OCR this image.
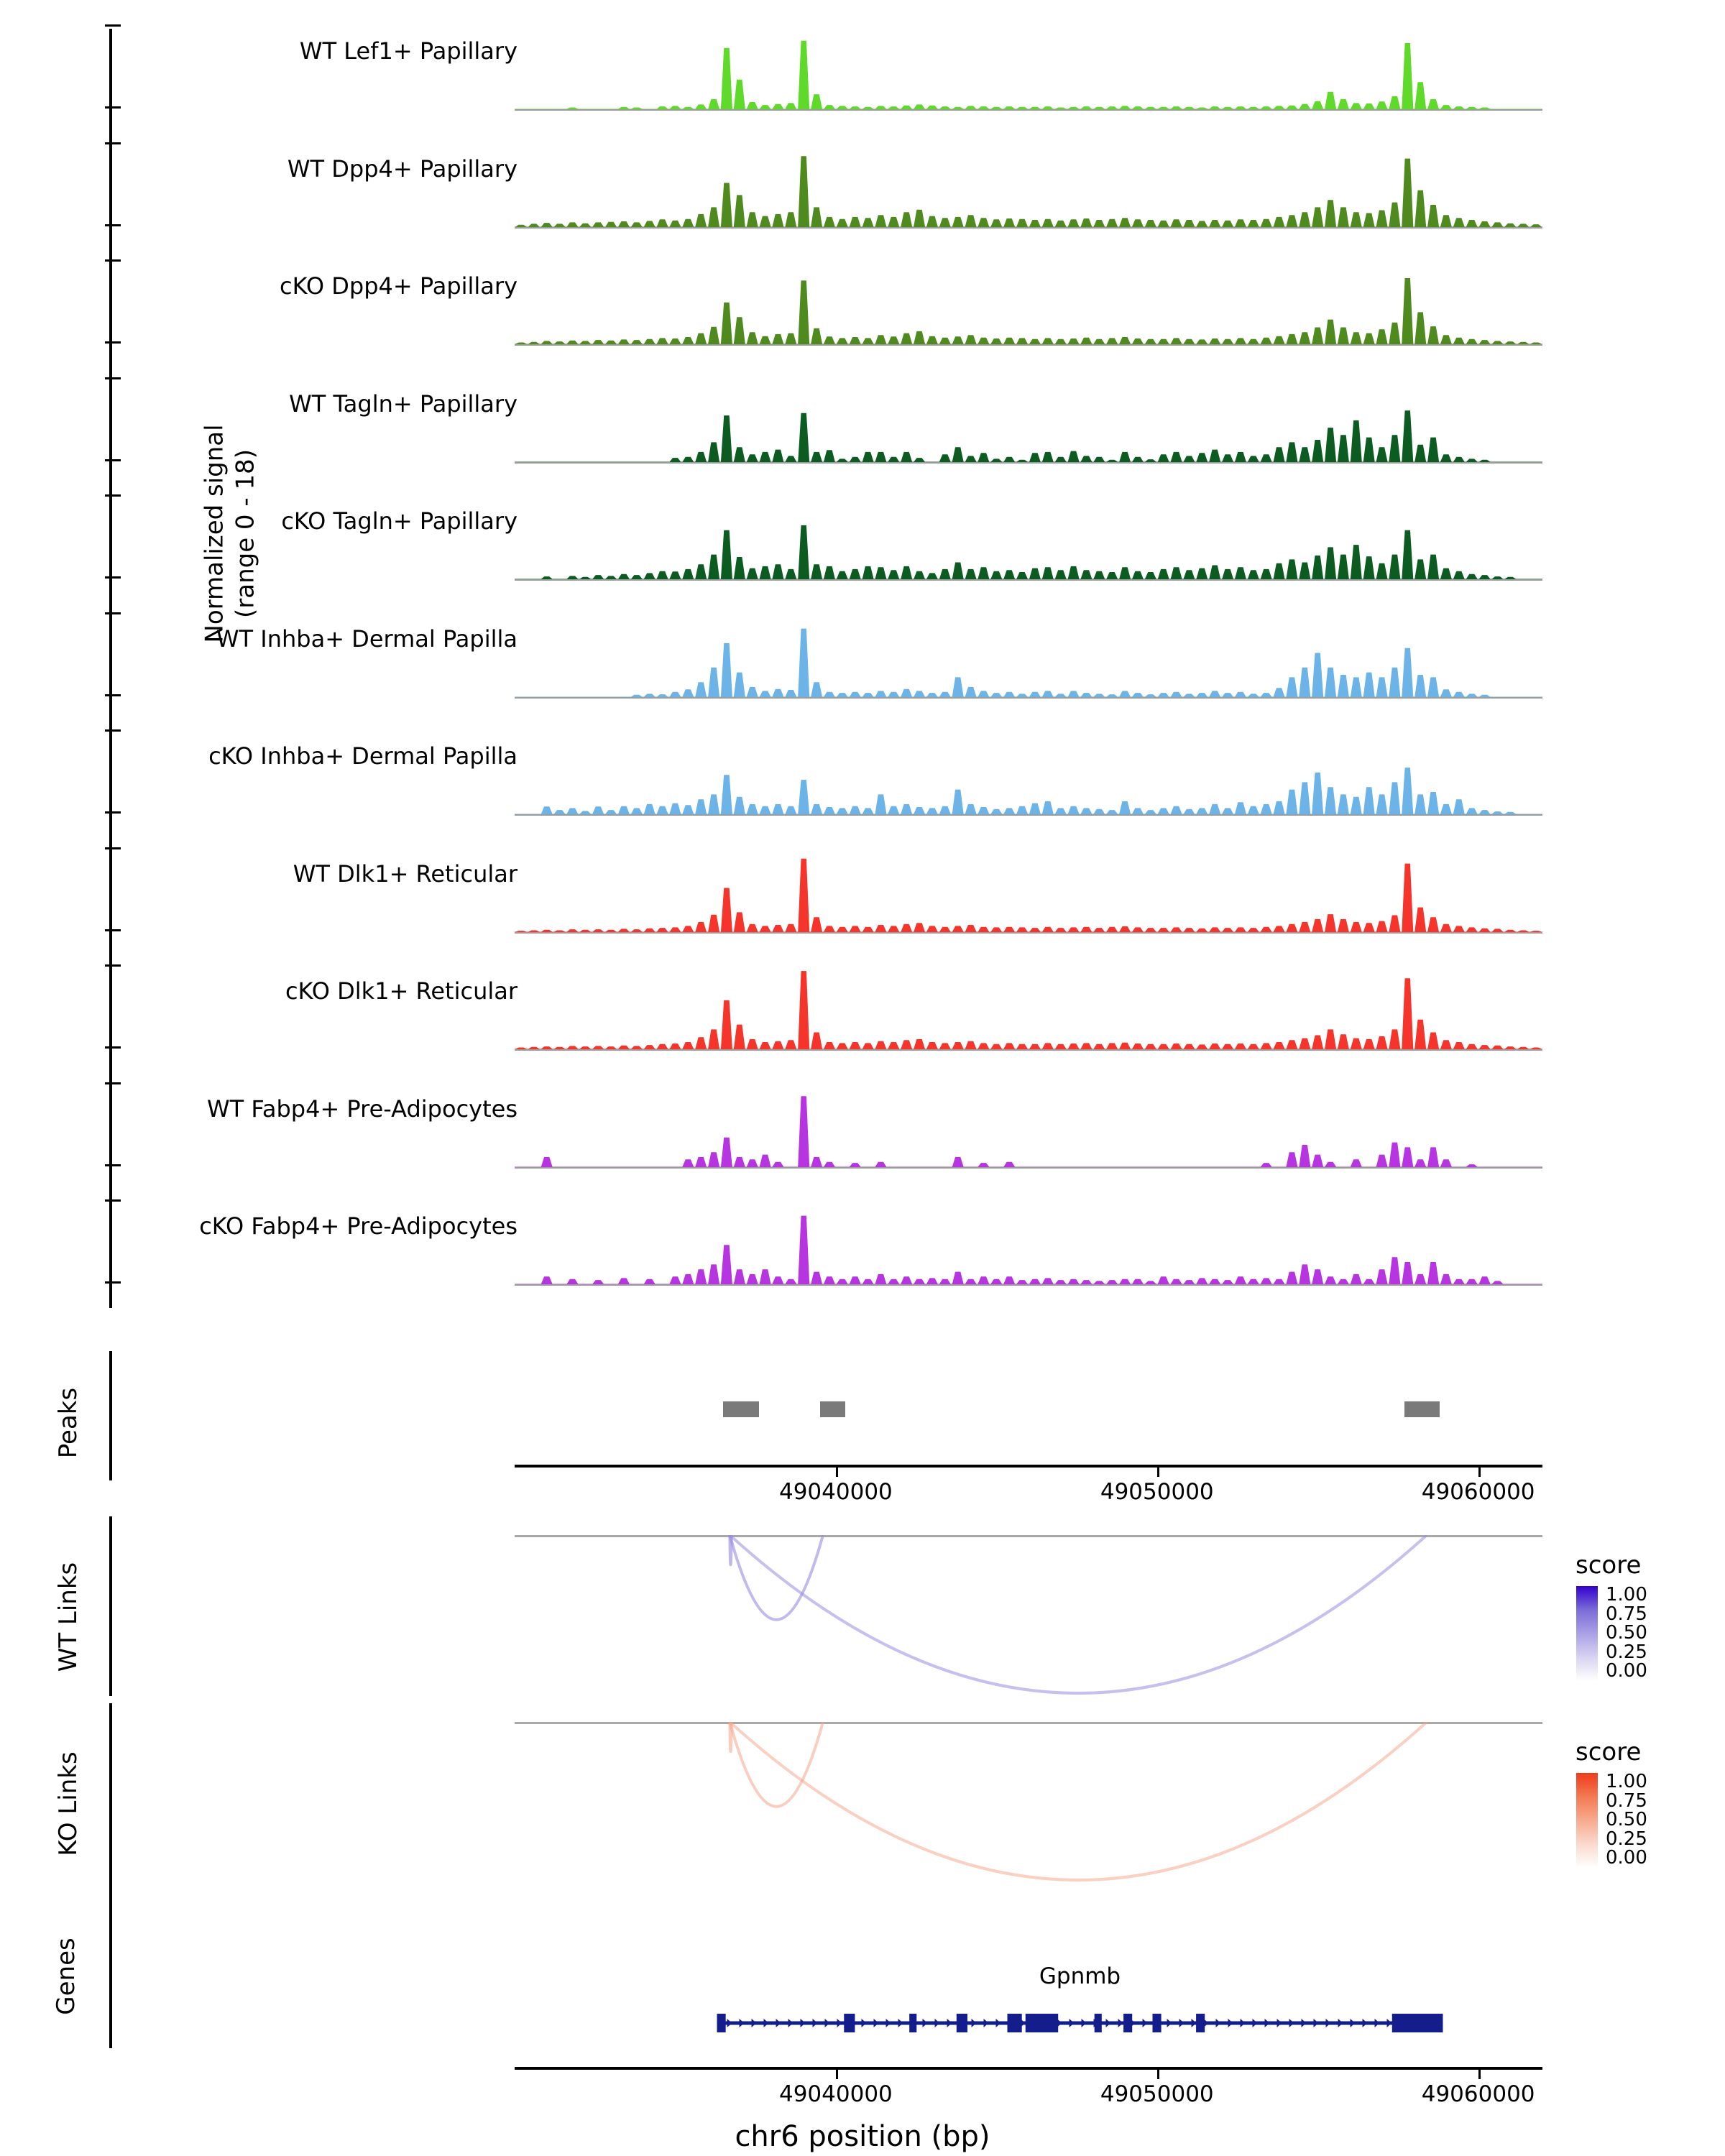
Normalized signal (range 0 - 18)
WT Lef1+ Papillary
WT Dpp4+ Papillary
cKO Dpp4+ Papillary
WT Tagln+ Papillary
cKO Tagln+ Papillary
WT Inhba+ Dermal Papilla
cKO Inhba+ Dermal Papilla
WT Dlk1+ Reticular
cKO Dlk1+ Reticular
WT Fabp4+ Pre-Adipocytes
cKO Fabp4+ Pre-Adipocytes
Peaks
49040000	49050000	49060000
WT Links	score
1.00
0.75
0.50
0.25
0.00
KO Links	score
1.00
0.75
0.50
0.25
0.00
Genes	Gpnmb
49040000	49050000	49060000
chr6 position (bp)
